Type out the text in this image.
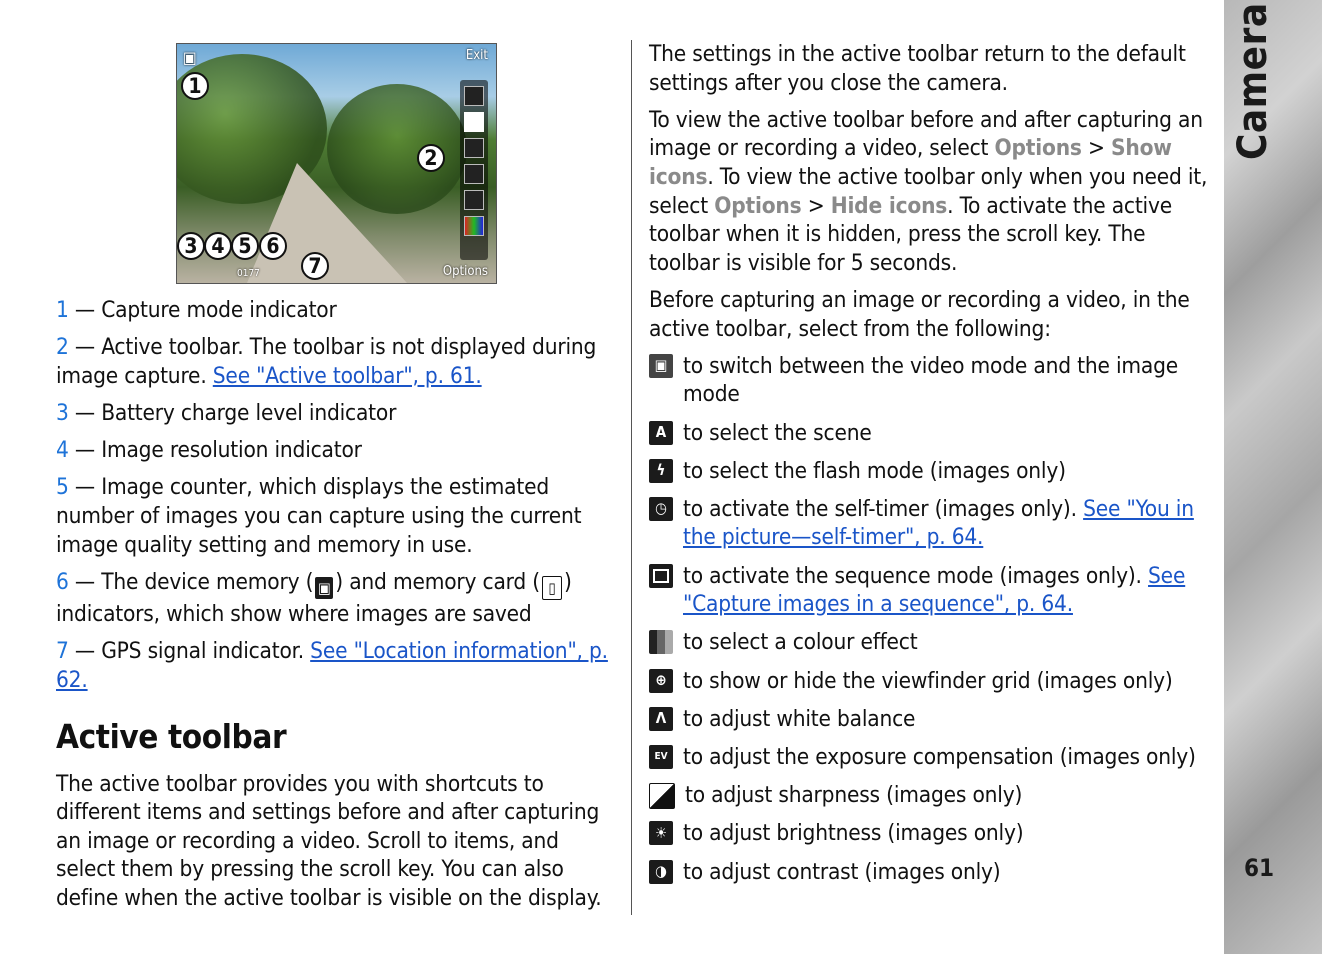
▣	Exit
Options
0177
1
2
3 4 5 6
7

1 — Capture mode indicator

2 — Active toolbar. The toolbar is not displayed during image capture. See "Active toolbar", p. 61.

3 — Battery charge level indicator

4 — Image resolution indicator

5 — Image counter, which displays the estimated number of images you can capture using the current image quality setting and memory in use.

6 — The device memory ( ▣ ) and memory card ( ▯ ) indicators, which show where images are saved

7 — GPS signal indicator. See "Location information", p. 62.

Active toolbar

The active toolbar provides you with shortcuts to different items and settings before and after capturing an image or recording a video. Scroll to items, and select them by pressing the scroll key. You can also define when the active toolbar is visible on the display.

The settings in the active toolbar return to the default settings after you close the camera.

To view the active toolbar before and after capturing an image or recording a video, select Options > Show icons. To view the active toolbar only when you need it, select Options > Hide icons. To activate the active toolbar when it is hidden, press the scroll key. The toolbar is visible for 5 seconds.

Before capturing an image or recording a video, in the active toolbar, select from the following:

▣ to switch between the video mode and the image mode

A to select the scene

ϟ to select the flash mode (images only)

◷ to activate the self-timer (images only). See "You in the picture—self-timer", p. 64.

to activate the sequence mode (images only). See "Capture images in a sequence", p. 64.

to select a colour effect

⊕ to show or hide the viewfinder grid (images only)

Λ to adjust white balance

EV to adjust the exposure compensation (images only)

to adjust sharpness (images only)

☀ to adjust brightness (images only)

◑ to adjust contrast (images only)

Camera
61
